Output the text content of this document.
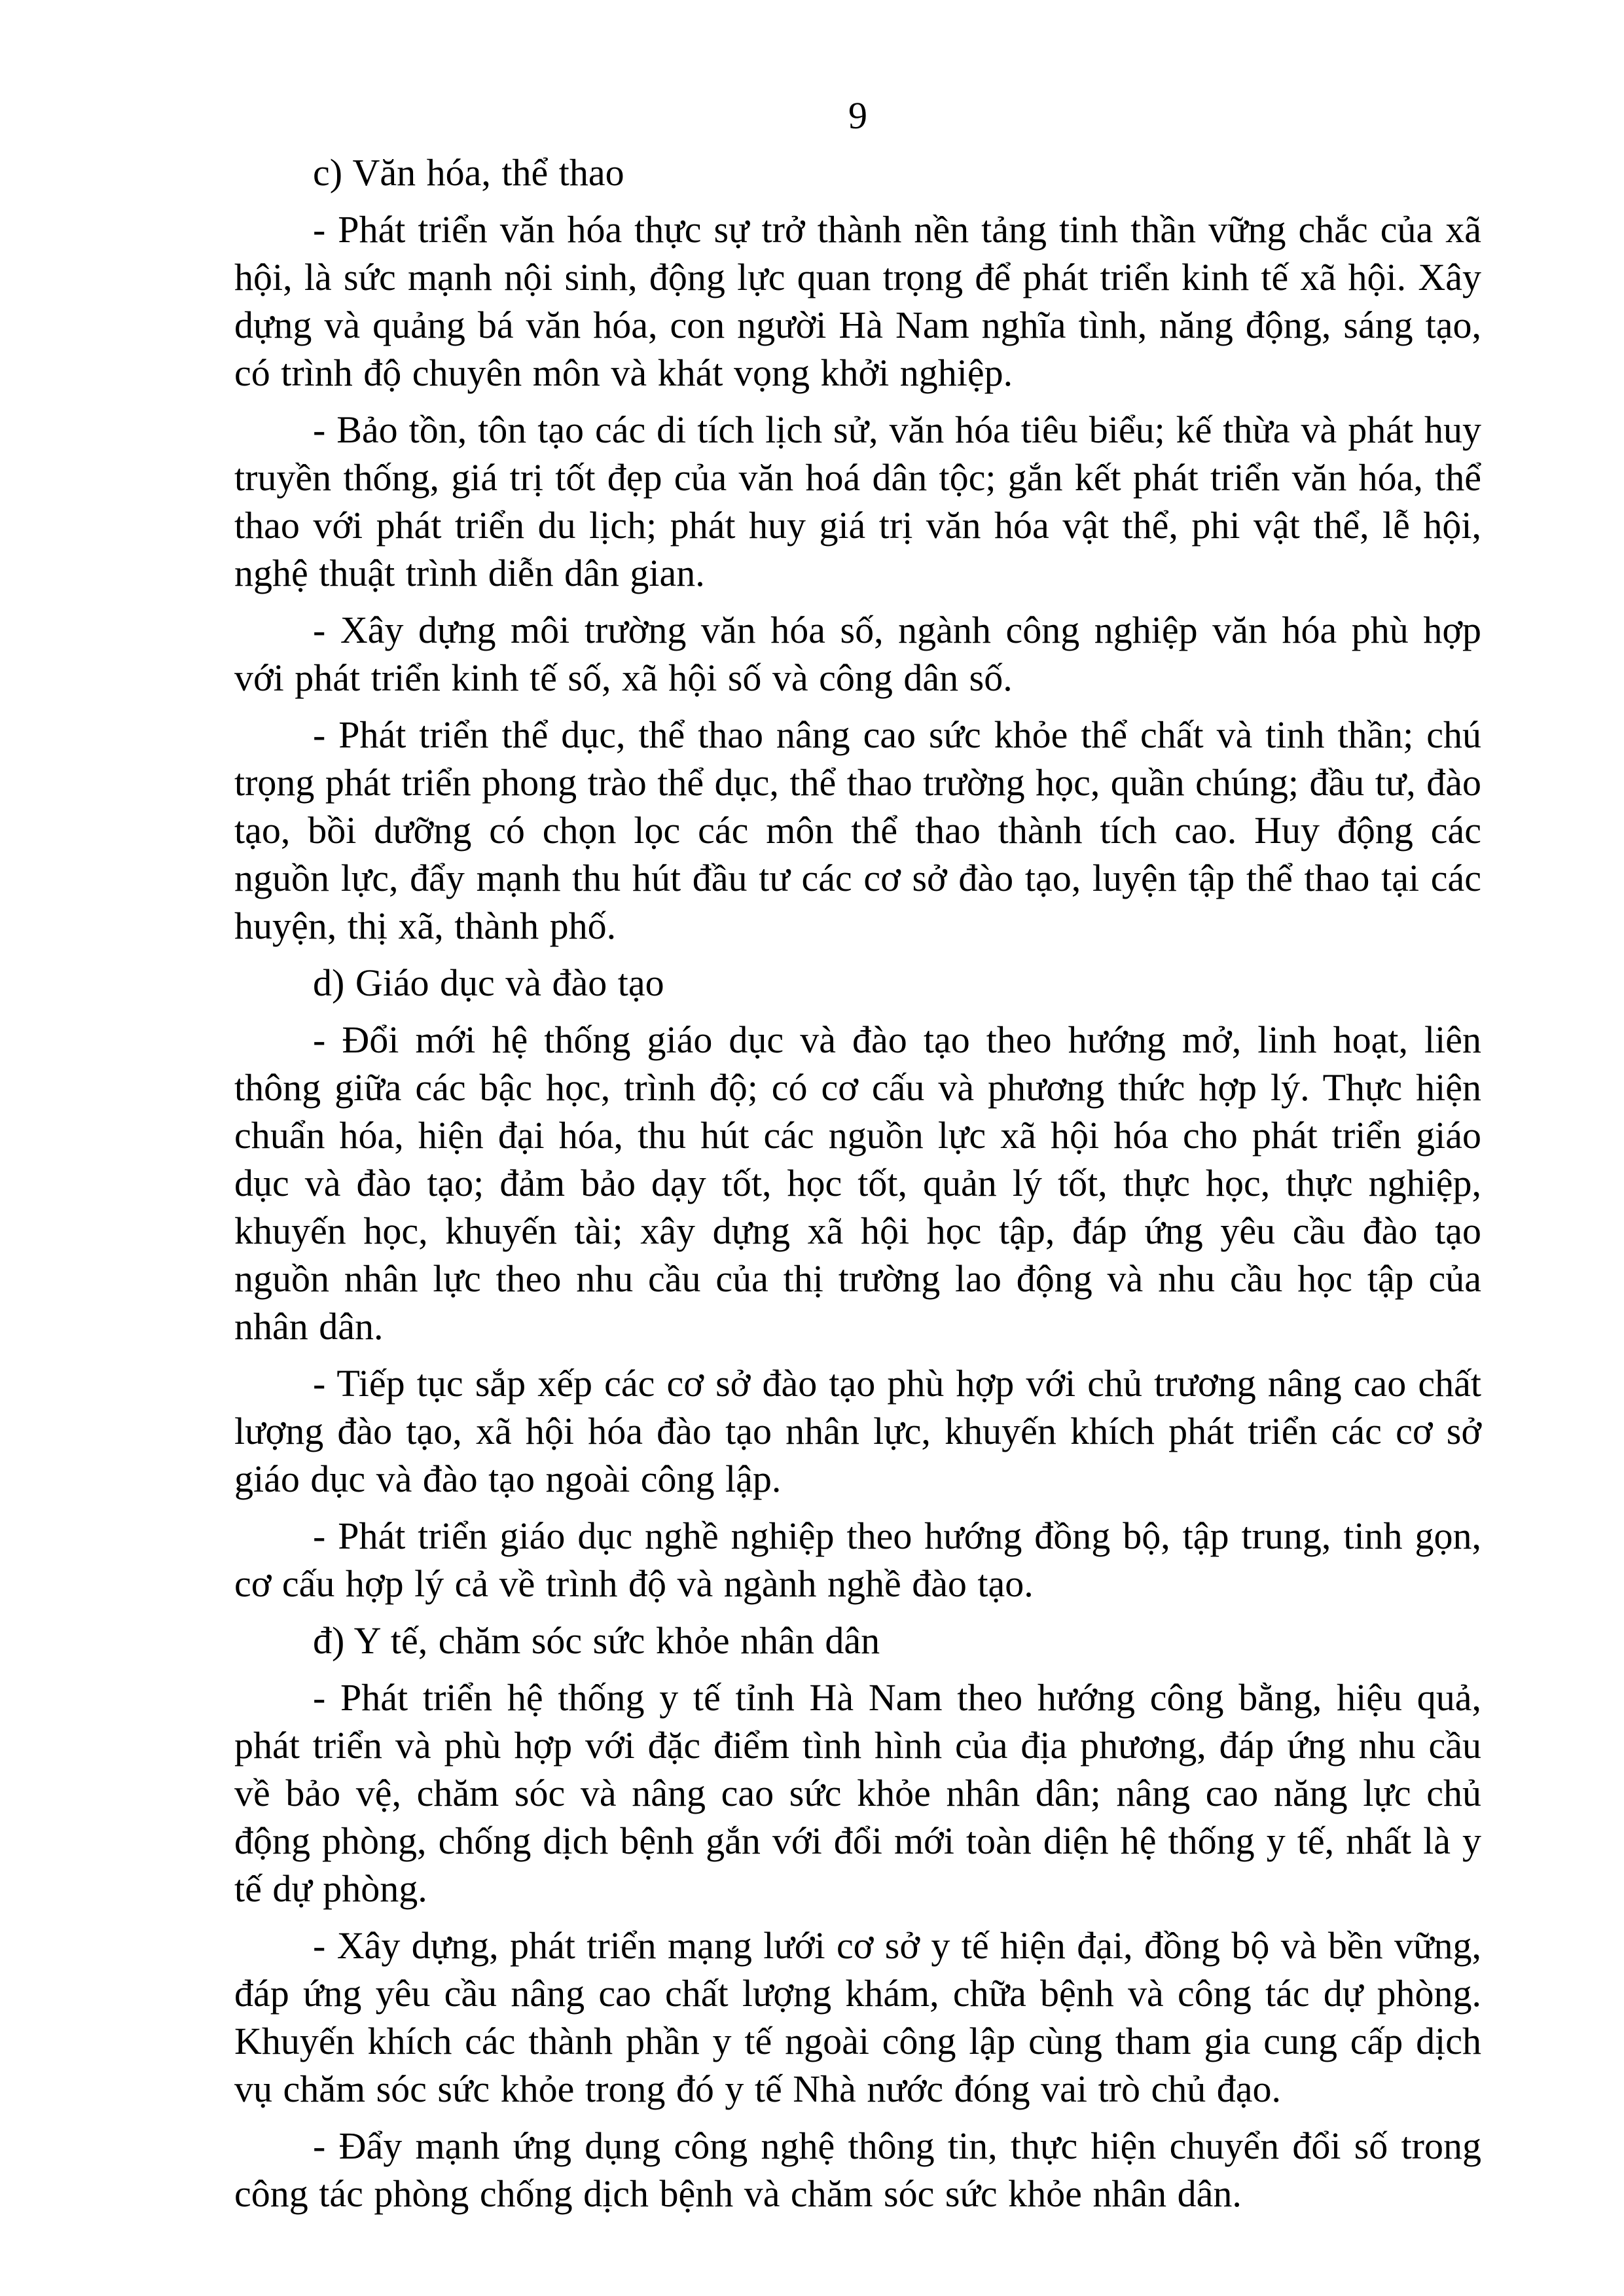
9

c) Văn hóa, thể thao

- Phát triển văn hóa thực sự trở thành nền tảng tinh thần vững chắc của xã hội, là sức mạnh nội sinh, động lực quan trọng để phát triển kinh tế xã hội. Xây dựng và quảng bá văn hóa, con người Hà Nam nghĩa tình, năng động, sáng tạo, có trình độ chuyên môn và khát vọng khởi nghiệp.

- Bảo tồn, tôn tạo các di tích lịch sử, văn hóa tiêu biểu; kế thừa và phát huy truyền thống, giá trị tốt đẹp của văn hoá dân tộc; gắn kết phát triển văn hóa, thể thao với phát triển du lịch; phát huy giá trị văn hóa vật thể, phi vật thể, lễ hội, nghệ thuật trình diễn dân gian.

- Xây dựng môi trường văn hóa số, ngành công nghiệp văn hóa phù hợp với phát triển kinh tế số, xã hội số và công dân số.

- Phát triển thể dục, thể thao nâng cao sức khỏe thể chất và tinh thần; chú trọng phát triển phong trào thể dục, thể thao trường học, quần chúng; đầu tư, đào tạo, bồi dưỡng có chọn lọc các môn thể thao thành tích cao. Huy động các nguồn lực, đẩy mạnh thu hút đầu tư các cơ sở đào tạo, luyện tập thể thao tại các huyện, thị xã, thành phố.

d) Giáo dục và đào tạo

- Đổi mới hệ thống giáo dục và đào tạo theo hướng mở, linh hoạt, liên thông giữa các bậc học, trình độ; có cơ cấu và phương thức hợp lý. Thực hiện chuẩn hóa, hiện đại hóa, thu hút các nguồn lực xã hội hóa cho phát triển giáo dục và đào tạo; đảm bảo dạy tốt, học tốt, quản lý tốt, thực học, thực nghiệp, khuyến học, khuyến tài; xây dựng xã hội học tập, đáp ứng yêu cầu đào tạo nguồn nhân lực theo nhu cầu của thị trường lao động và nhu cầu học tập của nhân dân.

- Tiếp tục sắp xếp các cơ sở đào tạo phù hợp với chủ trương nâng cao chất lượng đào tạo, xã hội hóa đào tạo nhân lực, khuyến khích phát triển các cơ sở giáo dục và đào tạo ngoài công lập.

- Phát triển giáo dục nghề nghiệp theo hướng đồng bộ, tập trung, tinh gọn, cơ cấu hợp lý cả về trình độ và ngành nghề đào tạo.

đ) Y tế, chăm sóc sức khỏe nhân dân

- Phát triển hệ thống y tế tỉnh Hà Nam theo hướng công bằng, hiệu quả, phát triển và phù hợp với đặc điểm tình hình của địa phương, đáp ứng nhu cầu về bảo vệ, chăm sóc và nâng cao sức khỏe nhân dân; nâng cao năng lực chủ động phòng, chống dịch bệnh gắn với đổi mới toàn diện hệ thống y tế, nhất là y tế dự phòng.

- Xây dựng, phát triển mạng lưới cơ sở y tế hiện đại, đồng bộ và bền vững, đáp ứng yêu cầu nâng cao chất lượng khám, chữa bệnh và công tác dự phòng. Khuyến khích các thành phần y tế ngoài công lập cùng tham gia cung cấp dịch vụ chăm sóc sức khỏe trong đó y tế Nhà nước đóng vai trò chủ đạo.

- Đẩy mạnh ứng dụng công nghệ thông tin, thực hiện chuyển đổi số trong công tác phòng chống dịch bệnh và chăm sóc sức khỏe nhân dân.
